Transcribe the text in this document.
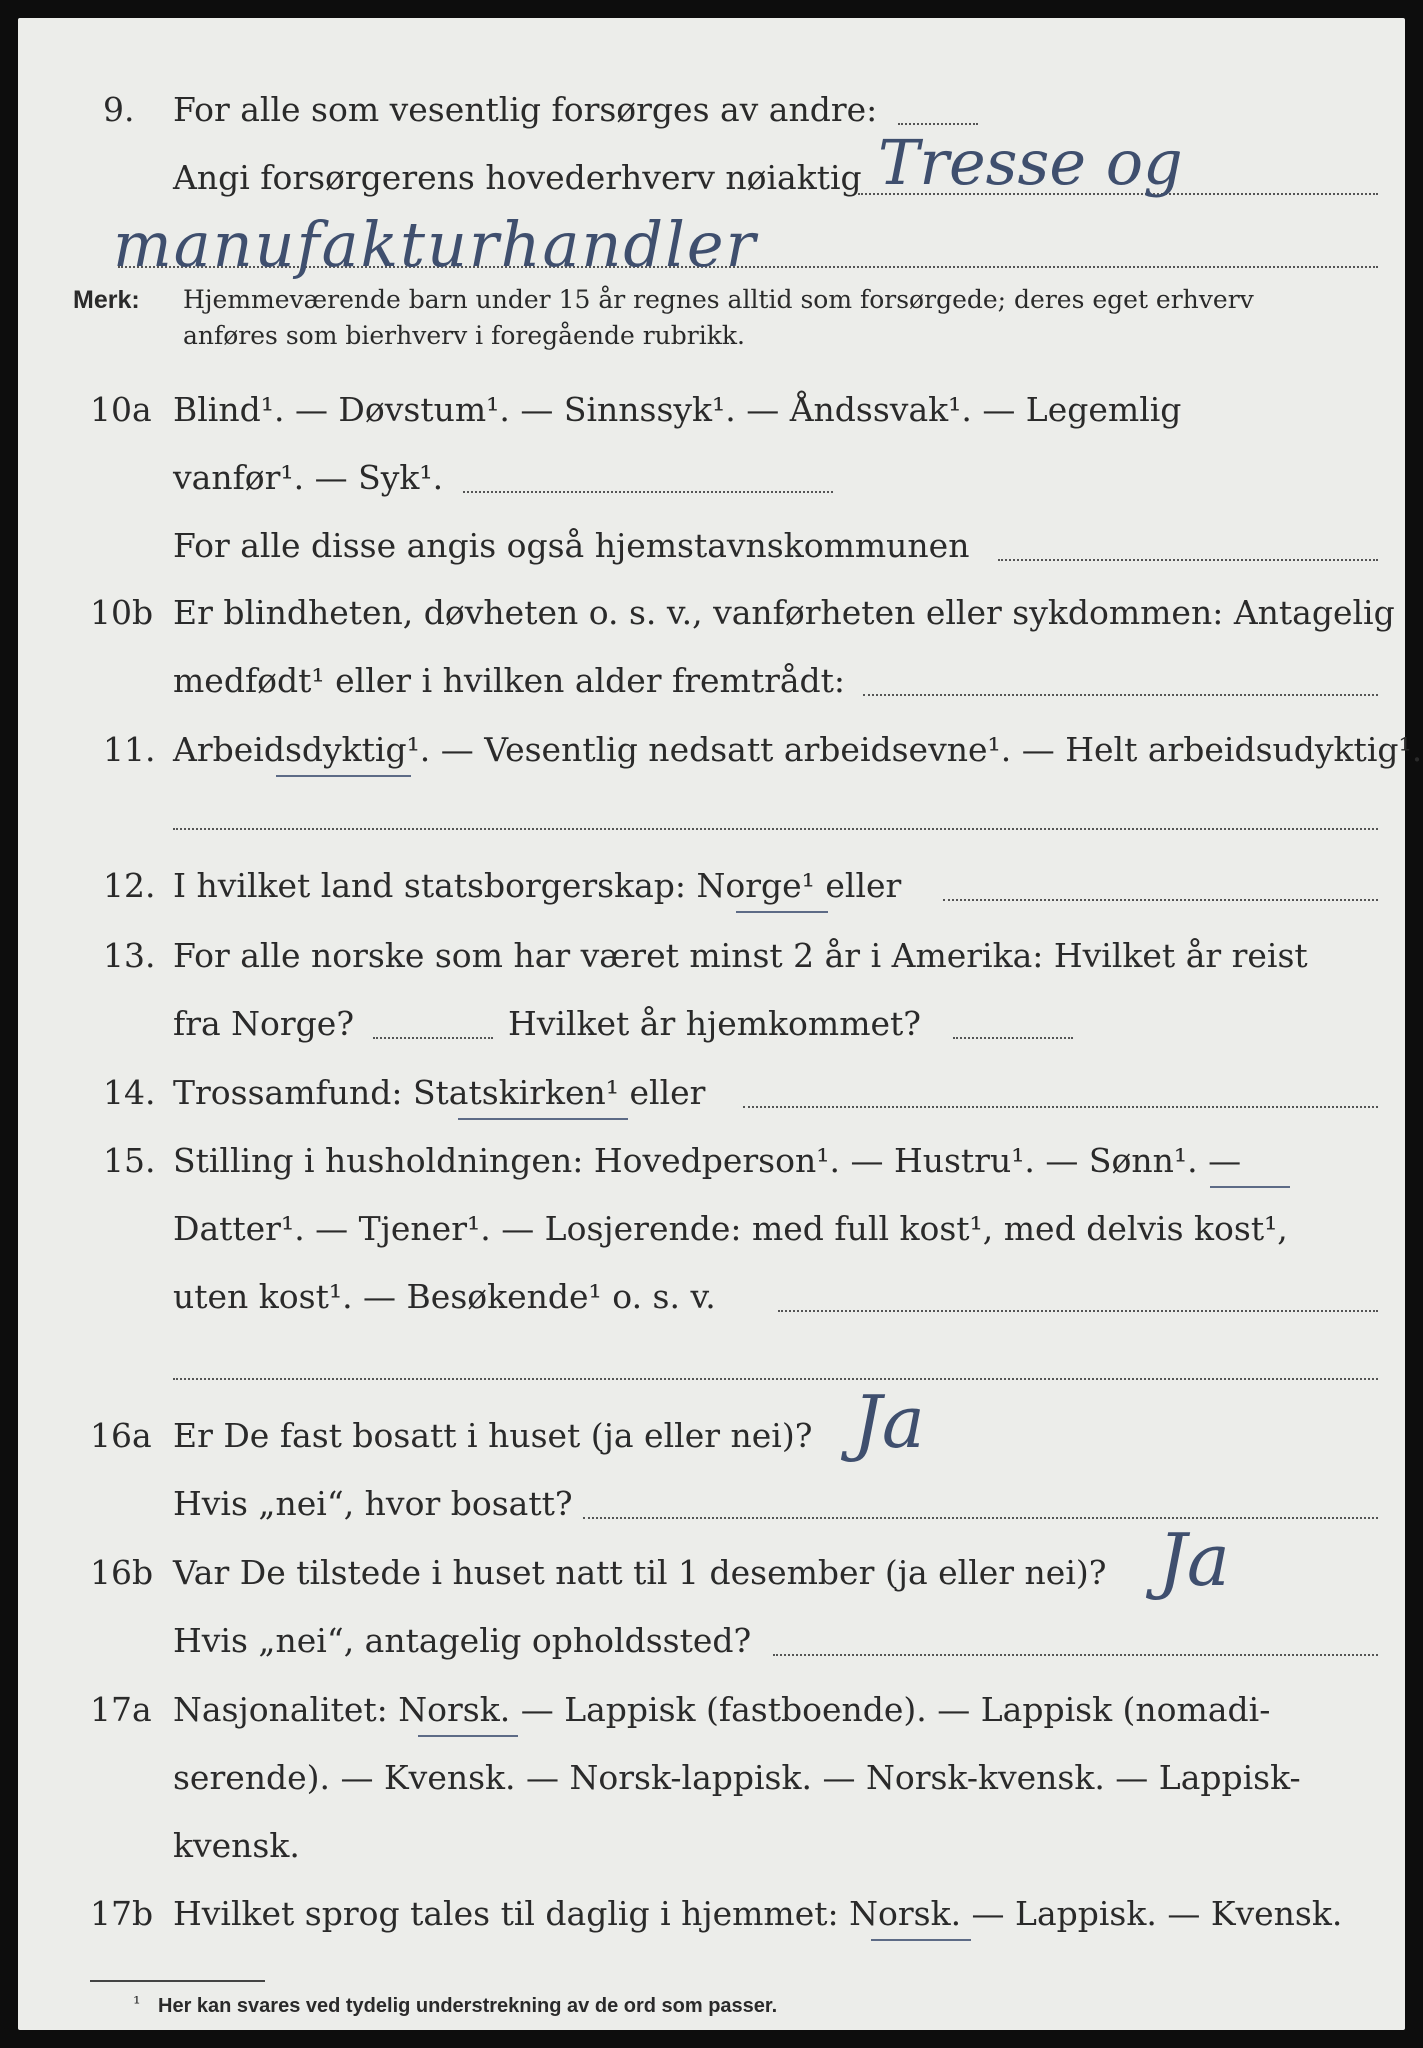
9. For alle som vesentlig forsørges av andre:
Angi forsørgerens hovederhverv nøiaktig Tresse og
manufakturhandler
Merk: Hjemmeværende barn under 15 år regnes alltid som forsørgede; deres eget erhverv
anføres som bierhverv i foregående rubrikk.
10a Blind¹. — Døvstum¹. — Sinnssyk¹. — Åndssvak¹. — Legemlig
vanfør¹. — Syk¹.
For alle disse angis også hjemstavnskommunen
10b Er blindheten, døvheten o. s. v., vanførheten eller sykdommen: Antagelig
medfødt¹ eller i hvilken alder fremtrådt:
11. Arbeidsdyktig¹. — Vesentlig nedsatt arbeidsevne¹. — Helt arbeidsudyktig¹.
12. I hvilket land statsborgerskap: Norge¹ eller
13. For alle norske som har været minst 2 år i Amerika: Hvilket år reist
fra Norge?	Hvilket år hjemkommet?
14. Trossamfund: Statskirken¹ eller
15. Stilling i husholdningen: Hovedperson¹. — Hustru¹. — Sønn¹. —
Datter¹. — Tjener¹. — Losjerende: med full kost¹, med delvis kost¹,
uten kost¹. — Besøkende¹ o. s. v.
16a Er De fast bosatt i huset (ja eller nei)? Ja
Hvis „nei“, hvor bosatt?
16b Var De tilstede i huset natt til 1 desember (ja eller nei)? Ja
Hvis „nei“, antagelig opholdssted?
17a Nasjonalitet: Norsk. — Lappisk (fastboende). — Lappisk (nomadi-
serende). — Kvensk. — Norsk-lappisk. — Norsk-kvensk. — Lappisk-
kvensk.
17b Hvilket sprog tales til daglig i hjemmet: Norsk. — Lappisk. — Kvensk.
¹ Her kan svares ved tydelig understrekning av de ord som passer.
